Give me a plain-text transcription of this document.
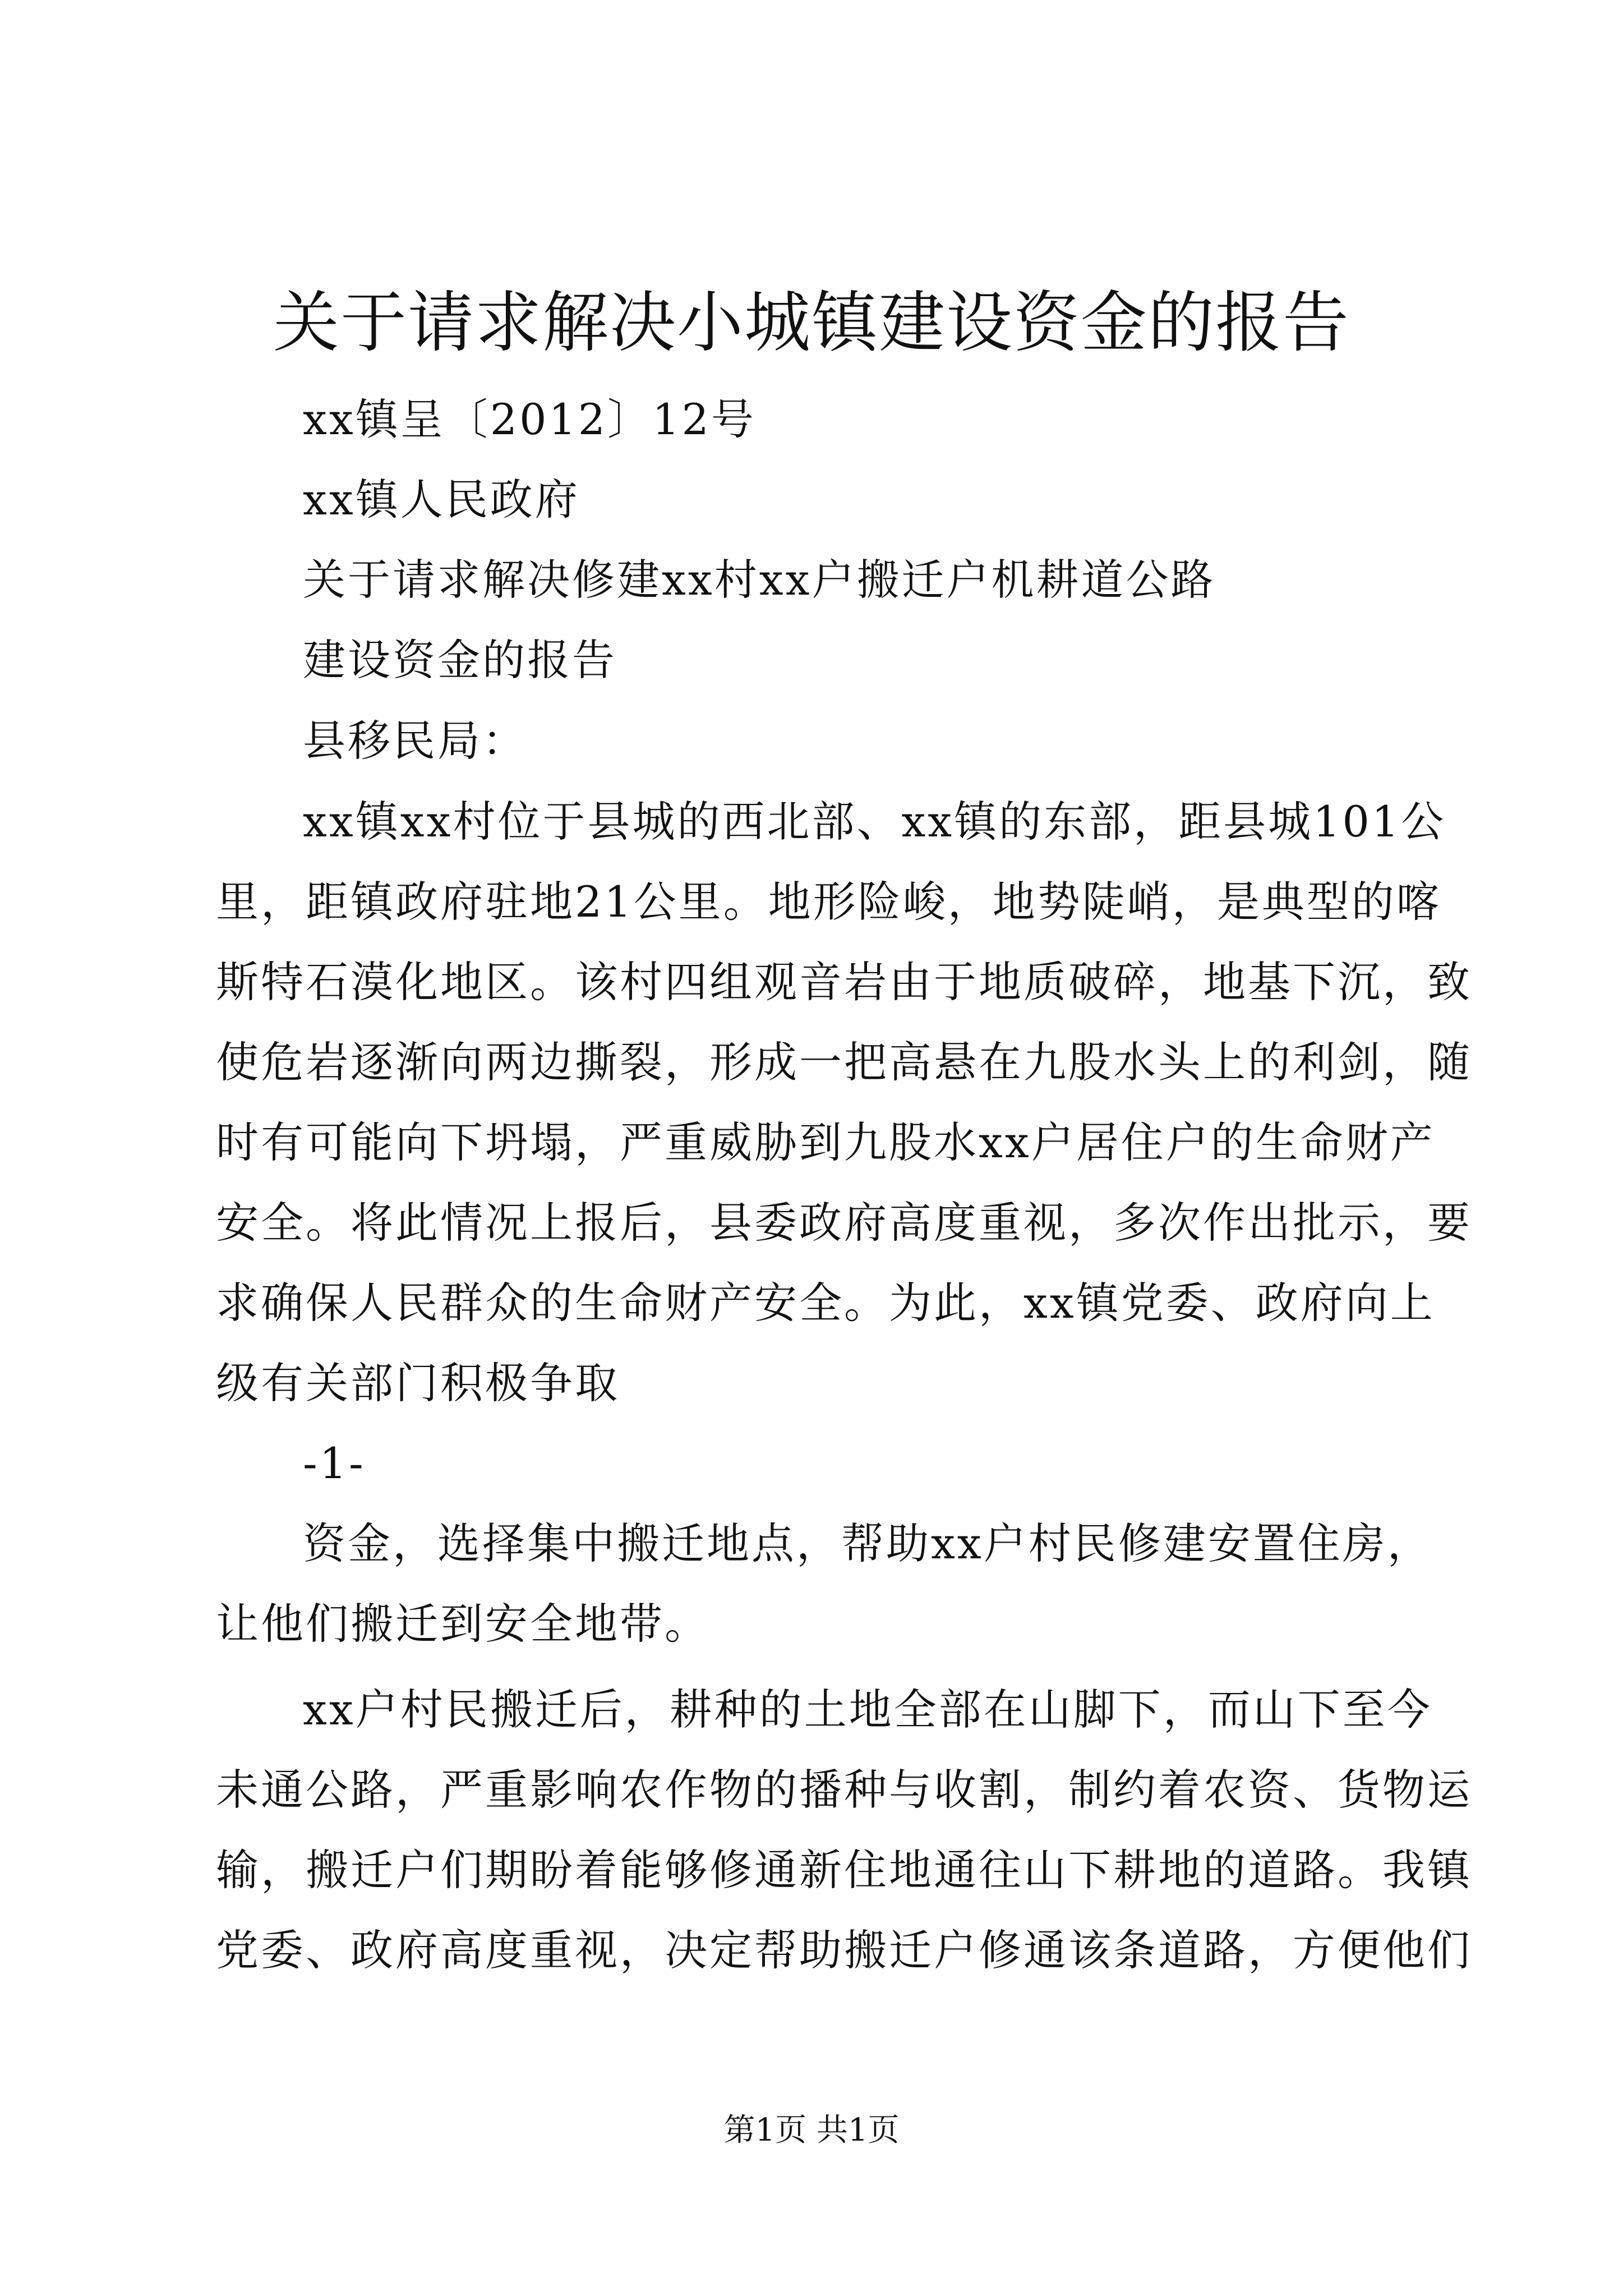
关于请求解决小城镇建设资金的报告
xx镇呈〔2012〕12号
xx镇人民政府
关于请求解决修建xx村xx户搬迁户机耕道公路
建设资金的报告
县移民局：
xx镇xx村位于县城的西北部、xx镇的东部，距县城101公
里，距镇政府驻地21公里。地形险峻，地势陡峭，是典型的喀
斯特石漠化地区。该村四组观音岩由于地质破碎，地基下沉，致
使危岩逐渐向两边撕裂，形成一把高悬在九股水头上的利剑，随
时有可能向下坍塌，严重威胁到九股水xx户居住户的生命财产
安全。将此情况上报后，县委政府高度重视，多次作出批示，要
求确保人民群众的生命财产安全。为此，xx镇党委、政府向上
级有关部门积极争取
-1-
资金，选择集中搬迁地点，帮助xx户村民修建安置住房，
让他们搬迁到安全地带。
xx户村民搬迁后，耕种的土地全部在山脚下，而山下至今
未通公路，严重影响农作物的播种与收割，制约着农资、货物运
输，搬迁户们期盼着能够修通新住地通往山下耕地的道路。我镇
党委、政府高度重视，决定帮助搬迁户修通该条道路，方便他们
第1页 共1页
